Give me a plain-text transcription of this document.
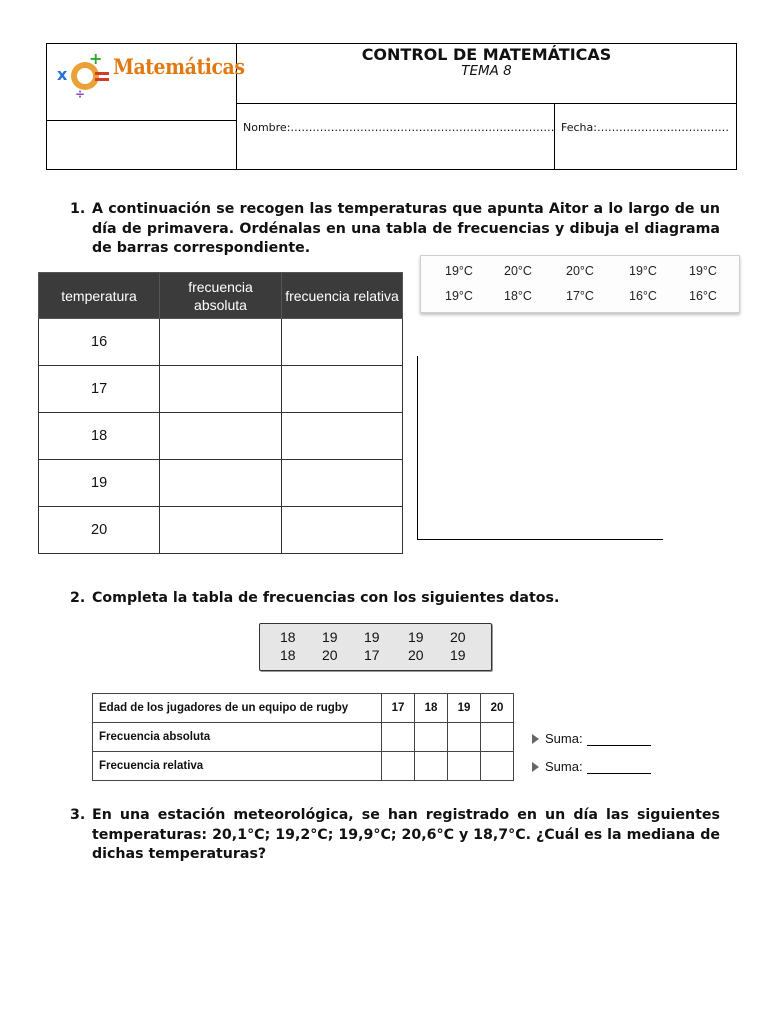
x
+
÷
Matemáticas	CONTROL DE MATEMÁTICAS
TEMA 8
Nombre:……………………………………………………………… Fecha:………………………………
1. A continuación se recogen las temperaturas que apunta Aitor a lo largo de un día de primavera. Ordénalas en una tabla de frecuencias y dibuja el diagrama de barras correspondiente.
temperatura	frecuencia absoluta	frecuencia relativa
16		
17		
18		
19		
20		
19°C 20°C	20°C	19°C	19°C
19°C 18°C	17°C	16°C	16°C
2. Completa la tabla de frecuencias con los siguientes datos.
18 19 19 19 20
18 20 17 20 19
Edad de los jugadores de un equipo de rugby	17	18	19	20
Frecuencia absoluta				
Frecuencia relativa				
Suma:
Suma:
3. En una estación meteorológica, se han registrado en un día las siguientes temperaturas: 20,1°C; 19,2°C; 19,9°C; 20,6°C y 18,7°C. ¿Cuál es la mediana de dichas temperaturas?
